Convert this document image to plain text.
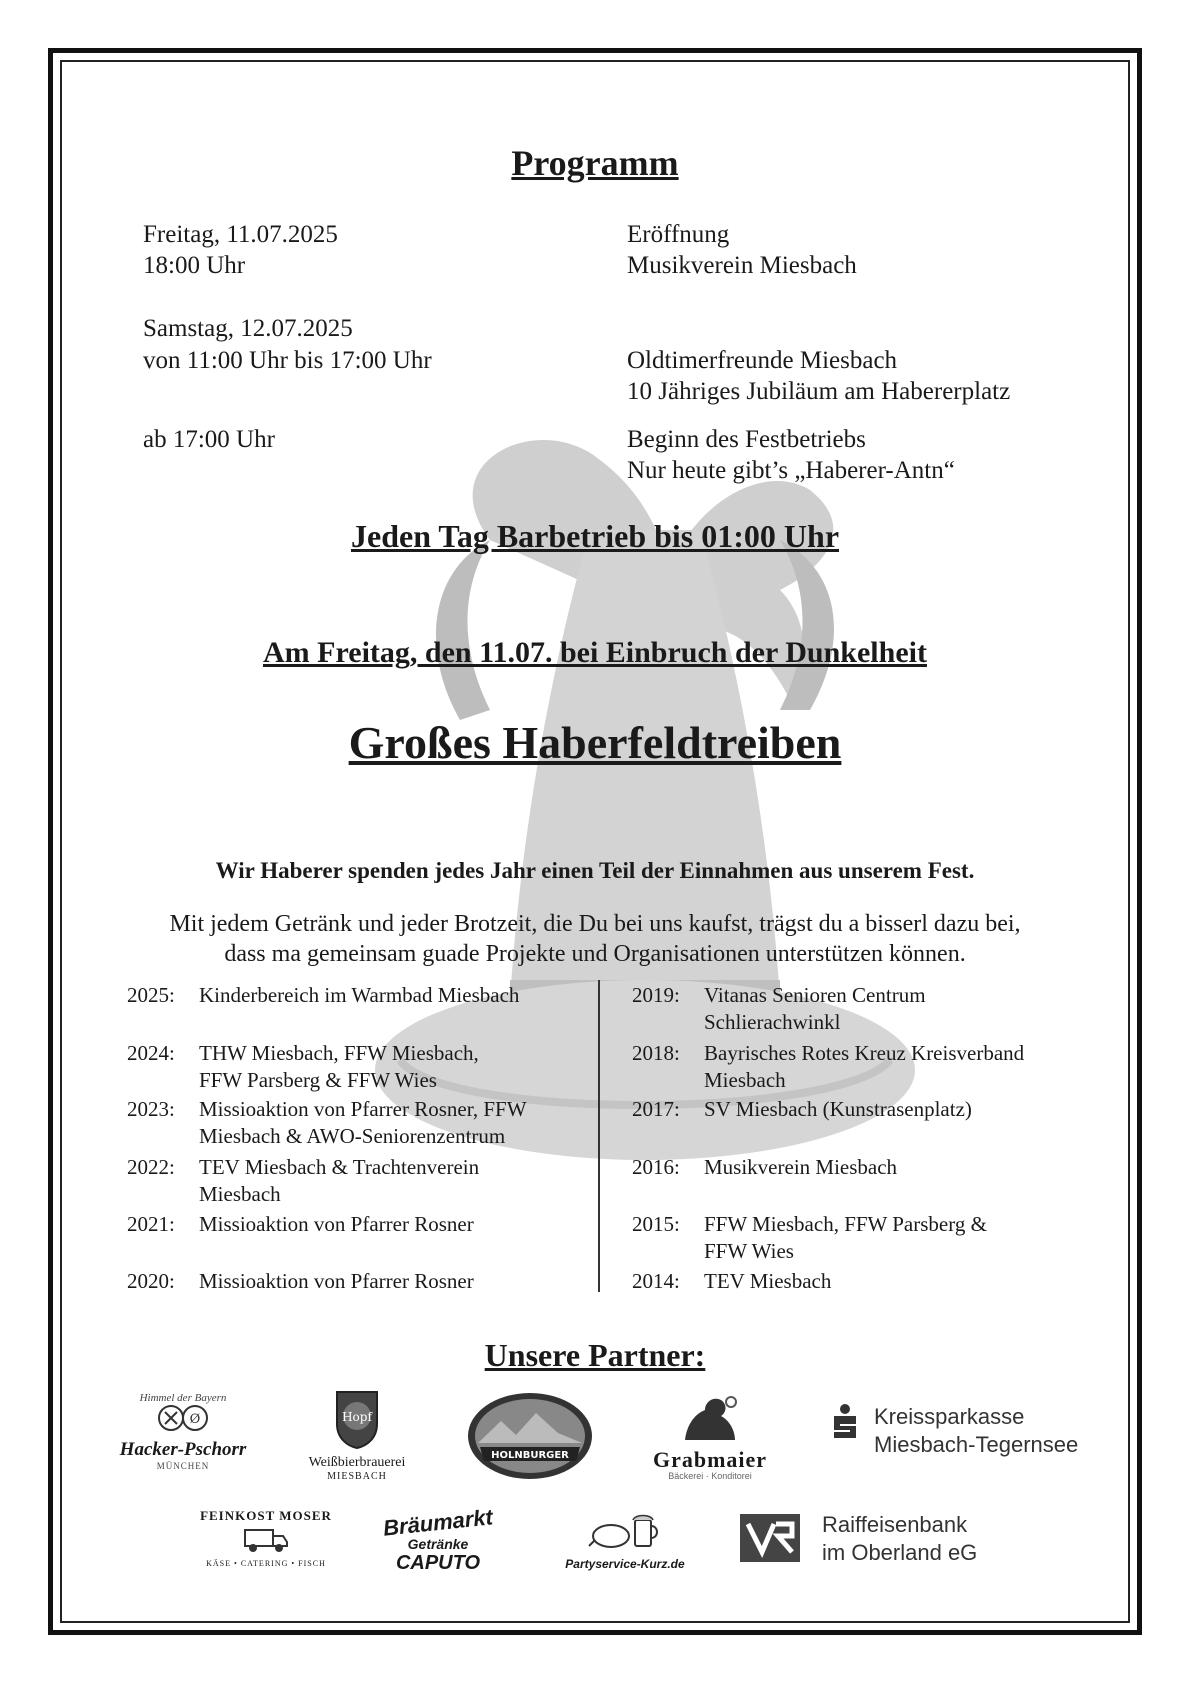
Programm
Freitag, 11.07.2025
18:00 Uhr
Samstag, 12.07.2025
von 11:00 Uhr bis 17:00 Uhr
ab 17:00 Uhr
Eröffnung
Musikverein Miesbach
Oldtimerfreunde Miesbach
10 Jähriges Jubiläum am Habererplatz
Beginn des Festbetriebs
Nur heute gibt’s „Haberer-Antn“
Jeden Tag Barbetrieb bis 01:00 Uhr
Am Freitag, den 11.07. bei Einbruch der Dunkelheit
Großes Haberfeldtreiben
Wir Haberer spenden jedes Jahr einen Teil der Einnahmen aus unserem Fest.
Mit jedem Getränk und jeder Brotzeit, die Du bei uns kaufst, trägst du a bisserl dazu bei,
dass ma gemeinsam guade Projekte und Organisationen unterstützen können.
2025: Kinderbereich im Warmbad Miesbach
2024: THW Miesbach, FFW Miesbach, FFW Parsberg & FFW Wies
2023: Missioaktion von Pfarrer Rosner, FFW Miesbach & AWO-Seniorenzentrum
2022: TEV Miesbach & Trachtenverein Miesbach
2021: Missioaktion von Pfarrer Rosner
2020: Missioaktion von Pfarrer Rosner
2019: Vitanas Senioren Centrum Schlierachwinkl
2018: Bayrisches Rotes Kreuz Kreisverband Miesbach
2017: SV Miesbach (Kunstrasenplatz)
2016: Musikverein Miesbach
2015: FFW Miesbach, FFW Parsberg & FFW Wies
2014: TEV Miesbach
Unsere Partner:
Himmel der Bayern
Ø
Hacker-Pschorr
MÜNCHEN
Hopf
Weißbierbrauerei
MIESBACH
HOLNBURGER	Grabmaier
Bäckerei · Konditorei
Kreissparkasse
Miesbach-Tegernsee
FEINKOST MOSER
KÄSE • CATERING • FISCH
Bräumarkt
Getränke
CAPUTO	Partyservice-Kurz.de
Raiffeisenbank
im Oberland eG
